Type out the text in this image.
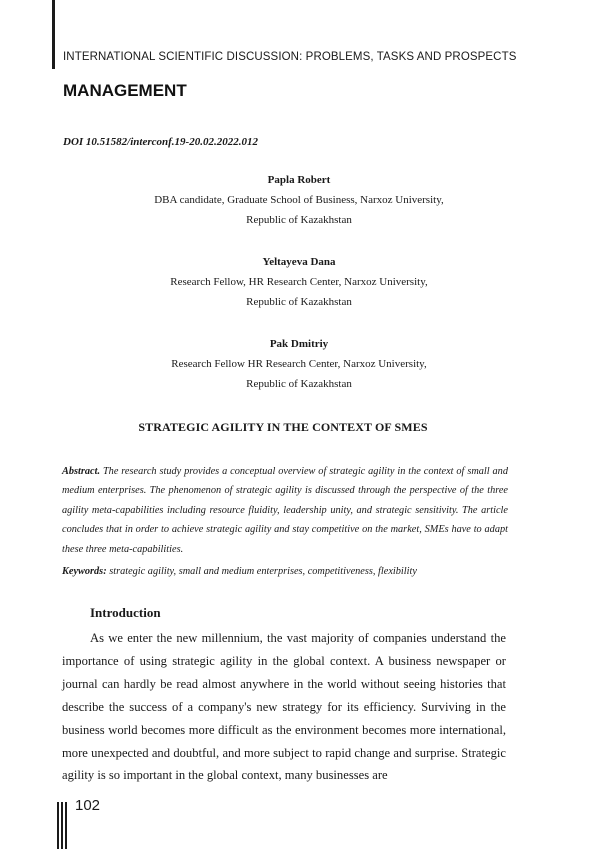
INTERNATIONAL SCIENTIFIC DISCUSSION: PROBLEMS, TASKS AND PROSPECTS
MANAGEMENT
DOI 10.51582/interconf.19-20.02.2022.012
Papla Robert
DBA candidate, Graduate School of Business, Narxoz University,
Republic of Kazakhstan
Yeltayeva Dana
Research Fellow, HR Research Center, Narxoz University,
Republic of Kazakhstan
Pak Dmitriy
Research Fellow HR Research Center, Narxoz University,
Republic of Kazakhstan
STRATEGIC AGILITY IN THE CONTEXT OF SMES
Abstract. The research study provides a conceptual overview of strategic agility in the context of small and medium enterprises. The phenomenon of strategic agility is discussed through the perspective of the three agility meta-capabilities including resource fluidity, leadership unity, and strategic sensitivity. The article concludes that in order to achieve strategic agility and stay competitive on the market, SMEs have to adapt these three meta-capabilities.
Keywords: strategic agility, small and medium enterprises, competitiveness, flexibility
Introduction
As we enter the new millennium, the vast majority of companies understand the importance of using strategic agility in the global context. A business newspaper or journal can hardly be read almost anywhere in the world without seeing histories that describe the success of a company's new strategy for its efficiency. Surviving in the business world becomes more difficult as the environment becomes more international, more unexpected and doubtful, and more subject to rapid change and surprise. Strategic agility is so important in the global context, many businesses are
102
